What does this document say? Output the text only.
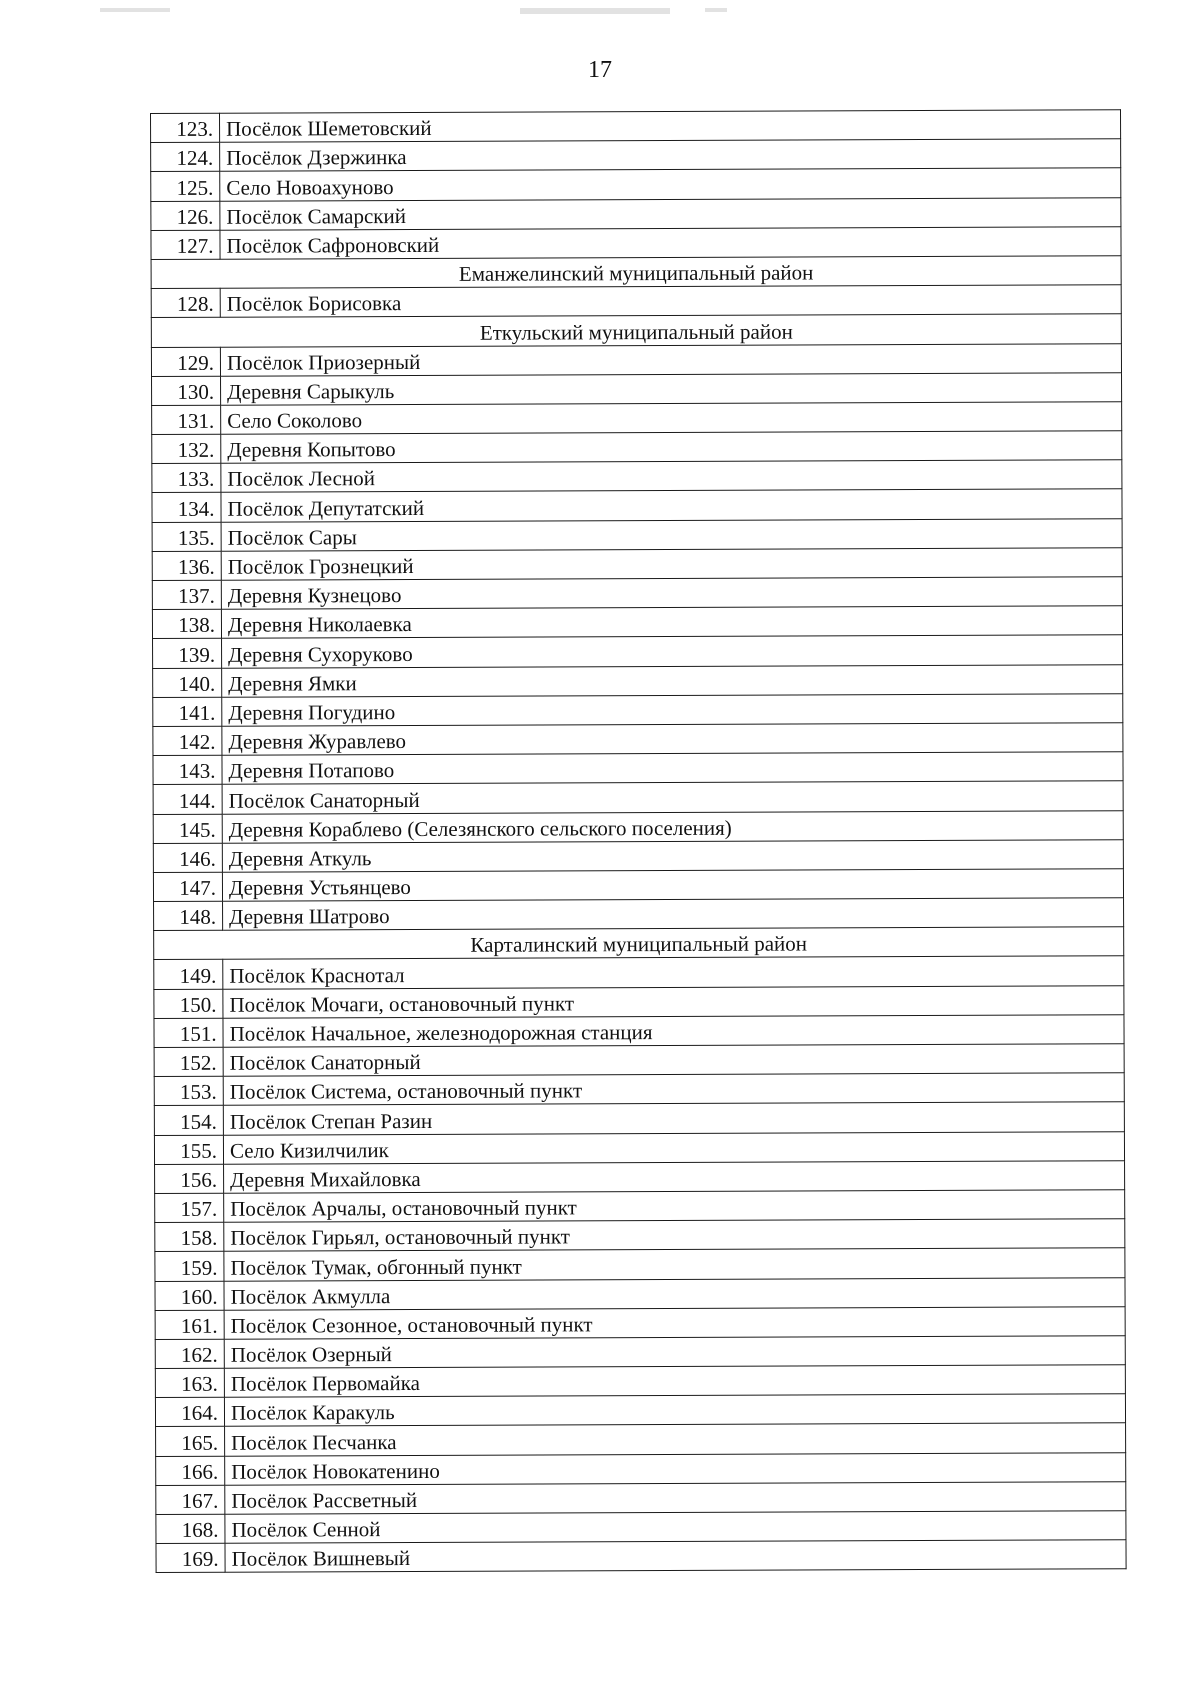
17
123.	Посёлок Шеметовский
124.	Посёлок Дзержинка
125.	Село Новоахуново
126.	Посёлок Самарский
127.	Посёлок Сафроновский
Еманжелинский муниципальный район	
128.	Посёлок Борисовка
Еткульский муниципальный район	
129.	Посёлок Приозерный
130.	Деревня Сарыкуль
131.	Село Соколово
132.	Деревня Копытово
133.	Посёлок Лесной
134.	Посёлок Депутатский
135.	Посёлок Сары
136.	Посёлок Грознецкий
137.	Деревня Кузнецово
138.	Деревня Николаевка
139.	Деревня Сухоруково
140.	Деревня Ямки
141.	Деревня Погудино
142.	Деревня Журавлево
143.	Деревня Потапово
144.	Посёлок Санаторный
145.	Деревня Кораблево (Селезянского сельского поселения)
146.	Деревня Аткуль
147.	Деревня Устьянцево
148.	Деревня Шатрово
Карталинский муниципальный район	
149.	Посёлок Краснотал
150.	Посёлок Мочаги, остановочный пункт
151.	Посёлок Начальное, железнодорожная станция
152.	Посёлок Санаторный
153.	Посёлок Система, остановочный пункт
154.	Посёлок Степан Разин
155.	Село Кизилчилик
156.	Деревня Михайловка
157.	Посёлок Арчалы, остановочный пункт
158.	Посёлок Гирьял, остановочный пункт
159.	Посёлок Тумак, обгонный пункт
160.	Посёлок Акмулла
161.	Посёлок Сезонное, остановочный пункт
162.	Посёлок Озерный
163.	Посёлок Первомайка
164.	Посёлок Каракуль
165.	Посёлок Песчанка
166.	Посёлок Новокатенино
167.	Посёлок Рассветный
168.	Посёлок Сенной
169.	Посёлок Вишневый
